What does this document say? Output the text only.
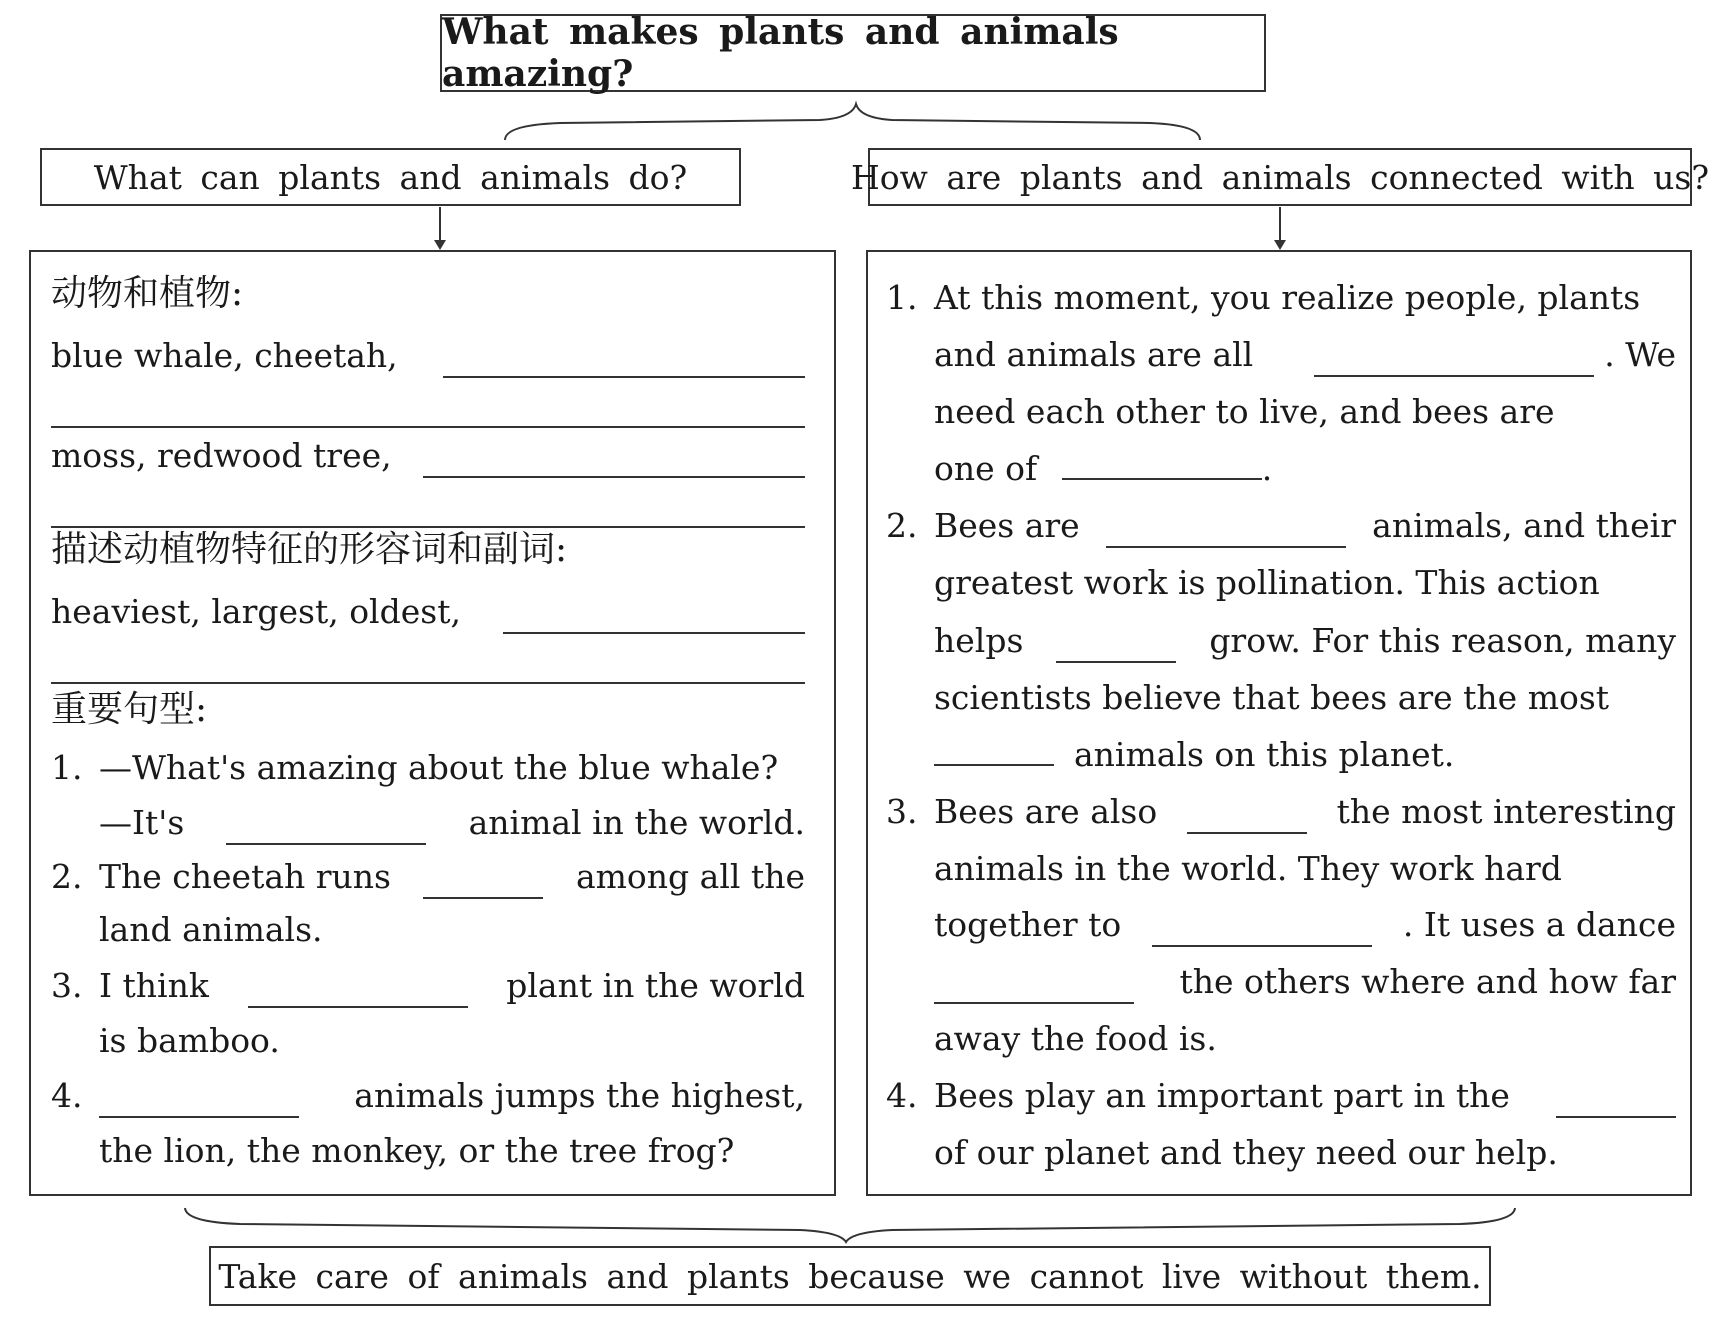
What makes plants and animals amazing?
What can plants and animals do?	How are plants and animals connected with us?
动物和植物:
blue whale, cheetah,
moss, redwood tree,
描述动植物特征的形容词和副词:
heaviest, largest, oldest,
重要句型:
1. —What's amazing about the blue whale?
—It's	animal in the world.
2. The cheetah runs	among all the
land animals.
3. I think	plant in the world
is bamboo.
4.	animals jumps the highest,
the lion, the monkey, or the tree frog?
1. At this moment, you realize people, plants
and animals are all	. We
need each other to live, and bees are
one of	.
2. Bees are	animals, and their
greatest work is pollination. This action
helps	grow. For this reason, many
scientists believe that bees are the most
animals on this planet.
3. Bees are also	the most interesting
animals in the world. They work hard
together to	. It uses a dance
the others where and how far
away the food is.
4. Bees play an important part in the
of our planet and they need our help.
Take care of animals and plants because we cannot live without them.
